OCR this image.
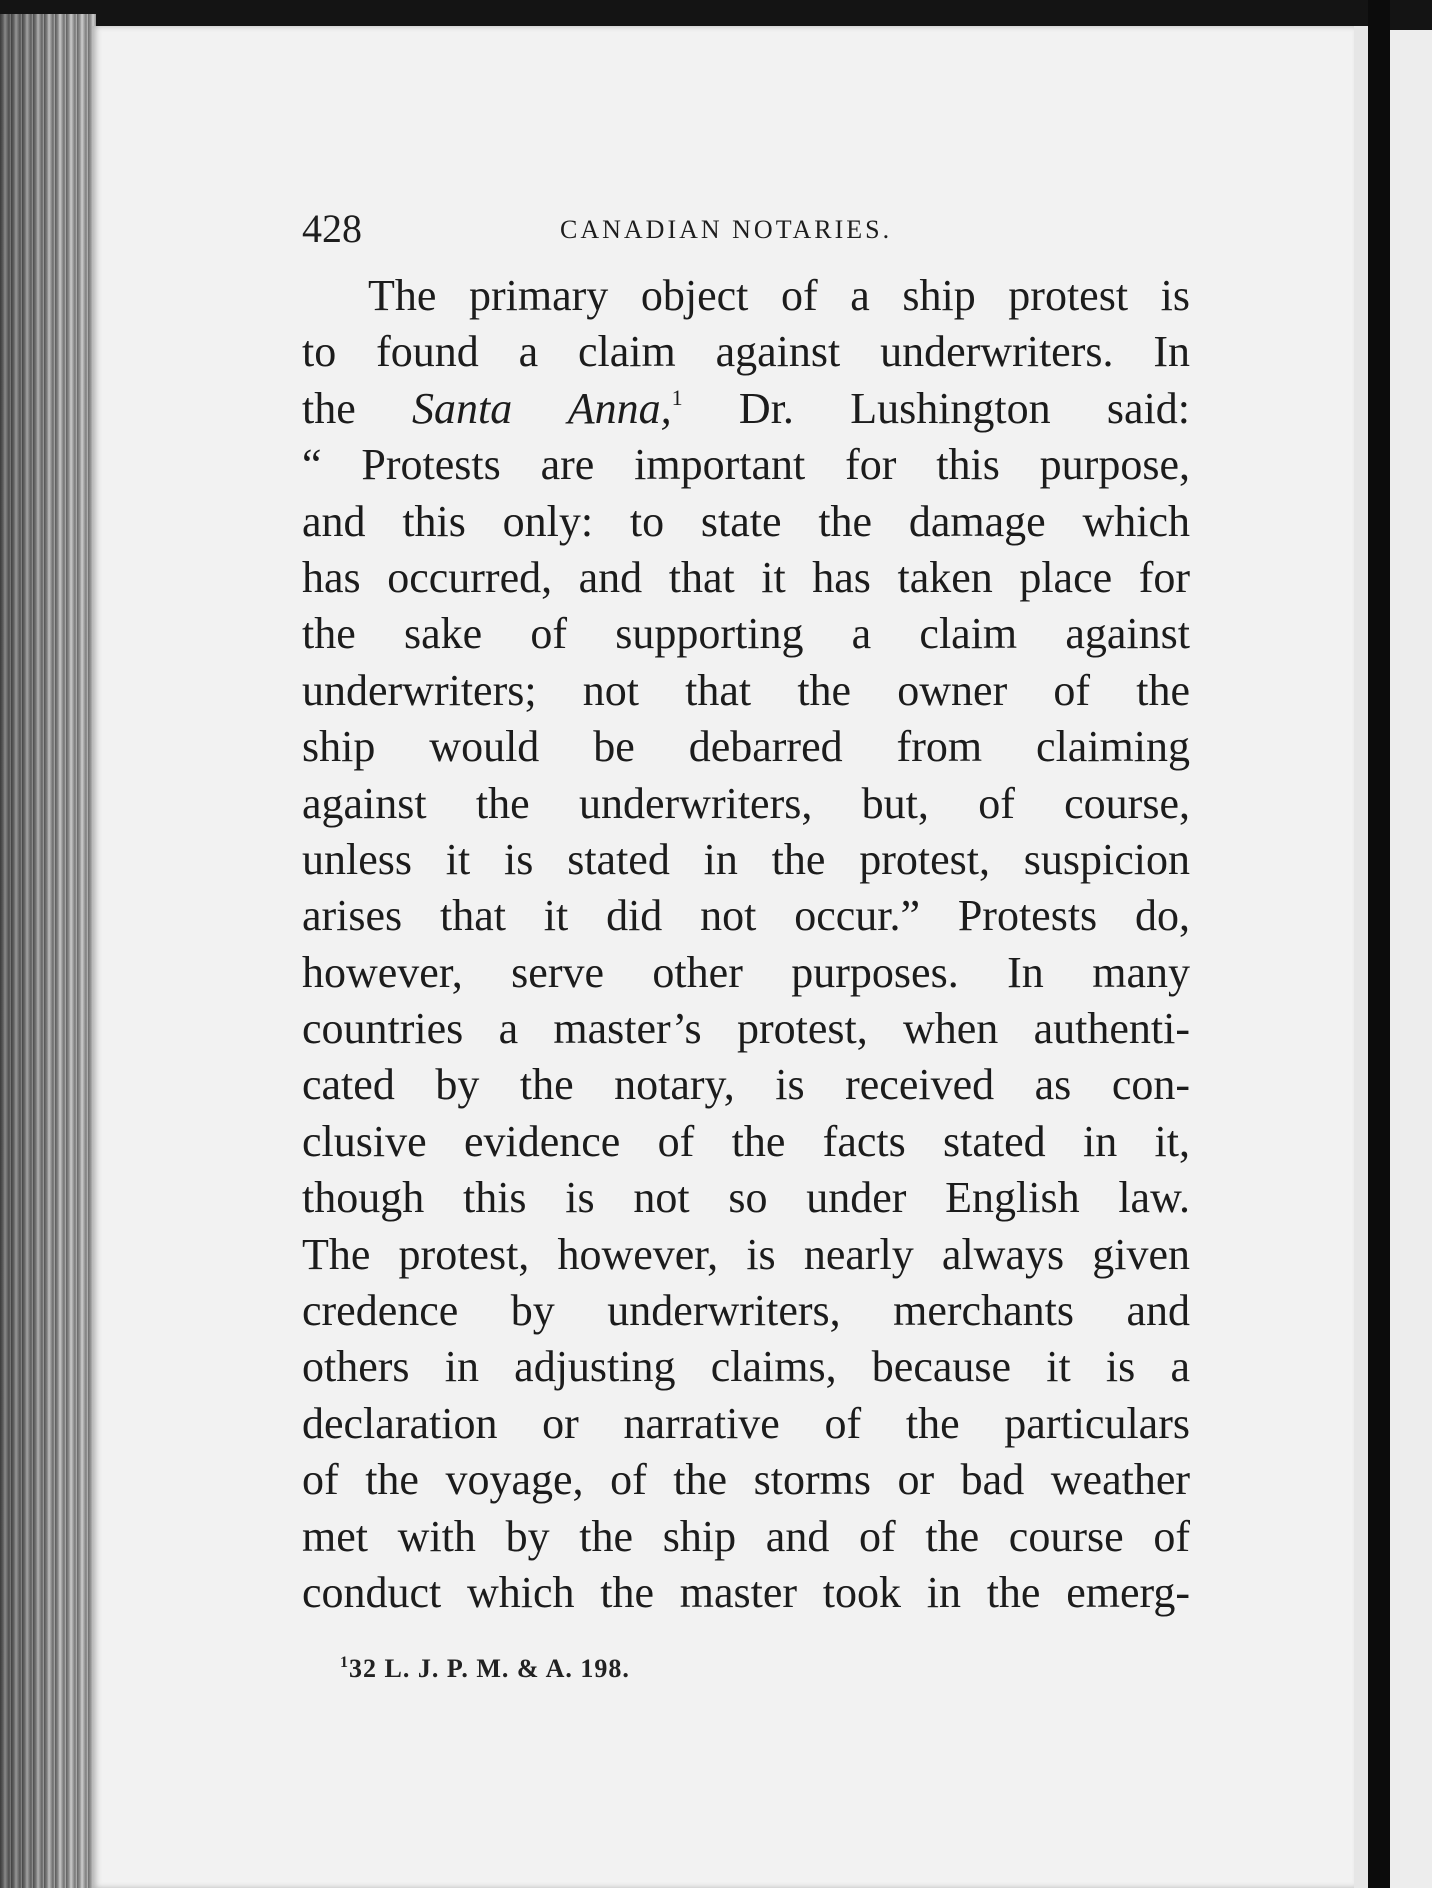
428	CANADIAN NOTARIES.
The primary object of a ship protest is
to found a claim against underwriters. In
the Santa Anna,$^1$ Dr. Lushington said:
“ Protests are important for this purpose,
and this only: to state the damage which
has occurred, and that it has taken place for
the sake of supporting a claim against
underwriters; not that the owner of the
ship would be debarred from claiming
against the underwriters, but, of course,
unless it is stated in the protest, suspicion
arises that it did not occur.” Protests do,
however, serve other purposes. In many
countries a master’s protest, when authenti-
cated by the notary, is received as con-
clusive evidence of the facts stated in it,
though this is not so under English law.
The protest, however, is nearly always given
credence by underwriters, merchants and
others in adjusting claims, because it is a
declaration or narrative of the particulars
of the voyage, of the storms or bad weather
met with by the ship and of the course of
conduct which the master took in the emerg-
$^1$32 L. J. P. M. & A. 198.
